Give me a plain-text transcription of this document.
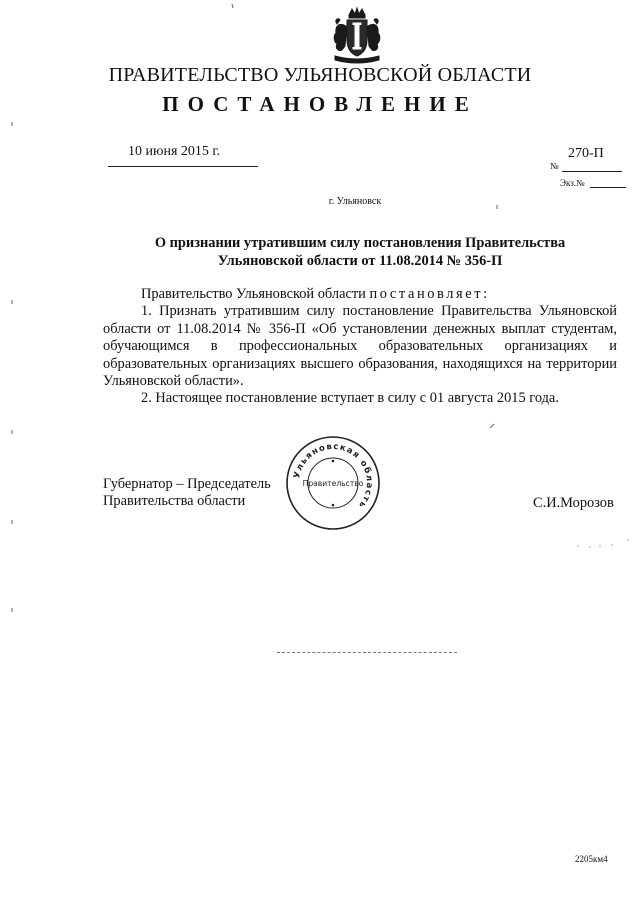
ПРАВИТЕЛЬСТВО УЛЬЯНОВСКОЙ ОБЛАСТИ
ПОСТАНОВЛЕНИЕ
10 июня 2015 г.	270-П
№
Экз.№
г. Ульяновск
О признании утратившим силу постановления Правительства
Ульяновской области от 11.08.2014 № 356-П

Правительство Ульяновской области постановляет:

1. Признать утратившим силу постановление Правительства Ульяновской области от 11.08.2014 № 356-П «Об установлении денежных выплат студентам, обучающимся в профессиональных образовательных организациях и образовательных организациях высшего образования, находящихся на территории Ульяновской области».

2. Настоящее постановление вступает в силу с 01 августа 2015 года.

Губернатор – Председатель
Правительства области	С.И.Морозов
Ульяновская область
Правительство
2205км4
